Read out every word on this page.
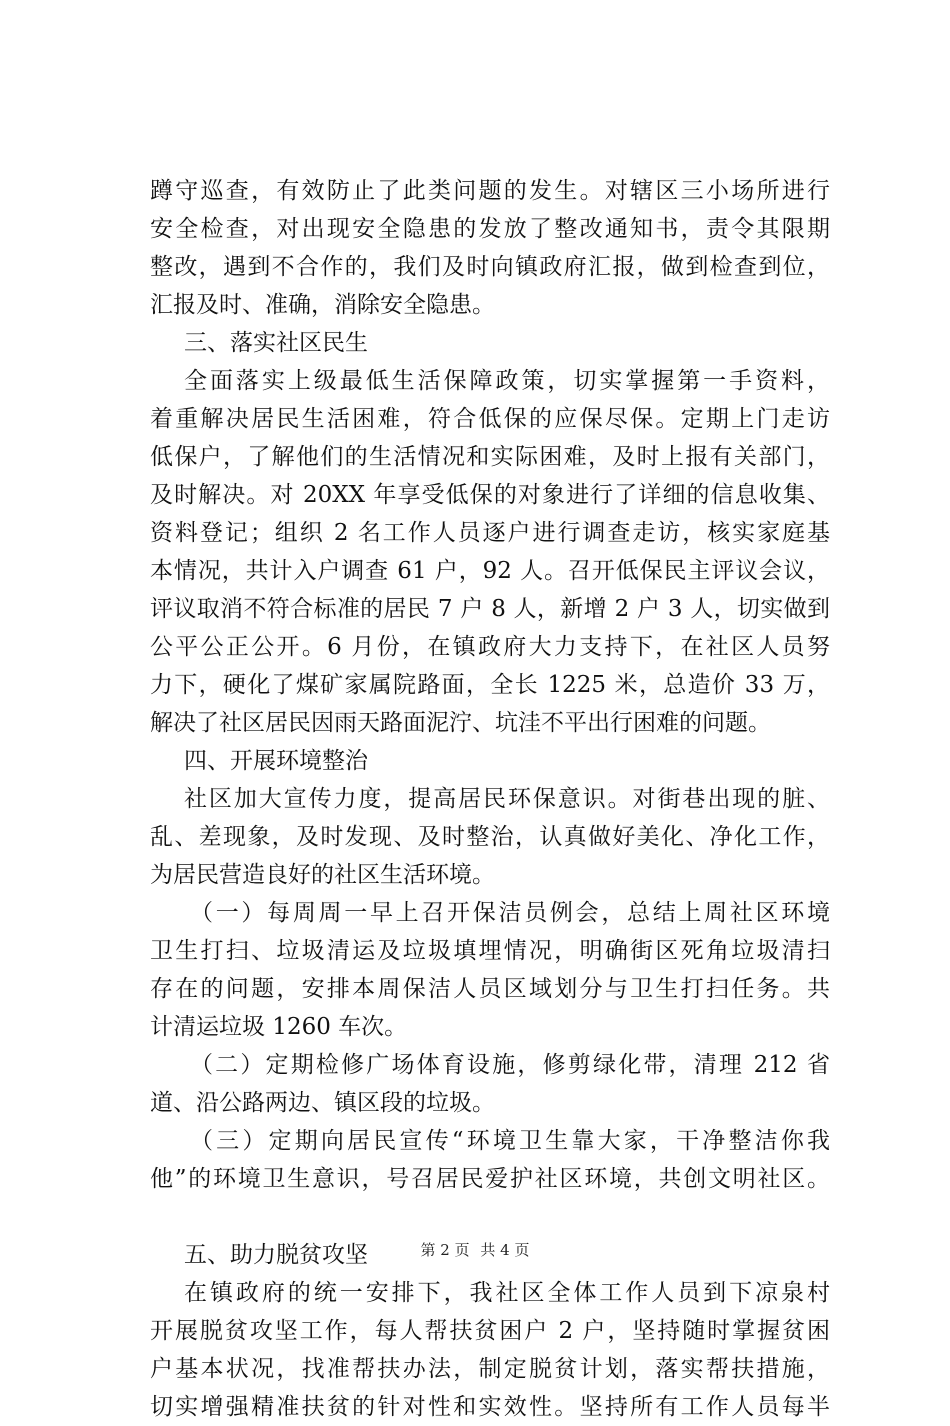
蹲守巡查，有效防止了此类问题的发生。对辖区三小场所进行
安全检查，对出现安全隐患的发放了整改通知书，责令其限期
整改，遇到不合作的，我们及时向镇政府汇报，做到检查到位，
汇报及时、准确，消除安全隐患。
三、落实社区民生
全面落实上级最低生活保障政策，切实掌握第一手资料，
着重解决居民生活困难，符合低保的应保尽保。定期上门走访
低保户，了解他们的生活情况和实际困难，及时上报有关部门，
及时解决。对 20XX 年享受低保的对象进行了详细的信息收集、
资料登记；组织 2 名工作人员逐户进行调查走访，核实家庭基
本情况，共计入户调查 61 户，92 人。召开低保民主评议会议，
评议取消不符合标准的居民 7 户 8 人，新增 2 户 3 人，切实做到
公平公正公开。6 月份，在镇政府大力支持下，在社区人员努
力下，硬化了煤矿家属院路面，全长 1225 米，总造价 33 万，
解决了社区居民因雨天路面泥泞、坑洼不平出行困难的问题。
四、开展环境整治
社区加大宣传力度，提高居民环保意识。对街巷出现的脏、
乱、差现象，及时发现、及时整治，认真做好美化、净化工作，
为居民营造良好的社区生活环境。
（一）每周周一早上召开保洁员例会，总结上周社区环境
卫生打扫、垃圾清运及垃圾填埋情况，明确街区死角垃圾清扫
存在的问题，安排本周保洁人员区域划分与卫生打扫任务。共
计清运垃圾 1260 车次。
（二）定期检修广场体育设施，修剪绿化带，清理 212 省
道、沿公路两边、镇区段的垃圾。
（三）定期向居民宣传“环境卫生靠大家，干净整洁你我
他”的环境卫生意识，号召居民爱护社区环境，共创文明社区。
五、助力脱贫攻坚
在镇政府的统一安排下，我社区全体工作人员到下凉泉村
开展脱贫攻坚工作，每人帮扶贫困户 2 户，坚持随时掌握贫困
户基本状况，找准帮扶办法，制定脱贫计划，落实帮扶措施，
切实增强精准扶贫的针对性和实效性。坚持所有工作人员每半
第 2 页 共 4 页
